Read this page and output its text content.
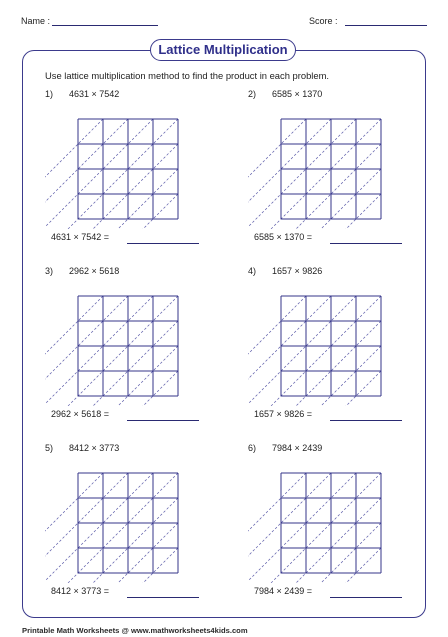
Name :	Score :
Lattice Multiplication
Use lattice multiplication method to find the product in each problem.
1) 4631 × 7542
4631 × 7542 =
2) 6585 × 1370
6585 × 1370 =
3) 2962 × 5618
2962 × 5618 =
4) 1657 × 9826
1657 × 9826 =
5) 8412 × 3773
8412 × 3773 =
6) 7984 × 2439
7984 × 2439 =
Printable Math Worksheets @ www.mathworksheets4kids.com
